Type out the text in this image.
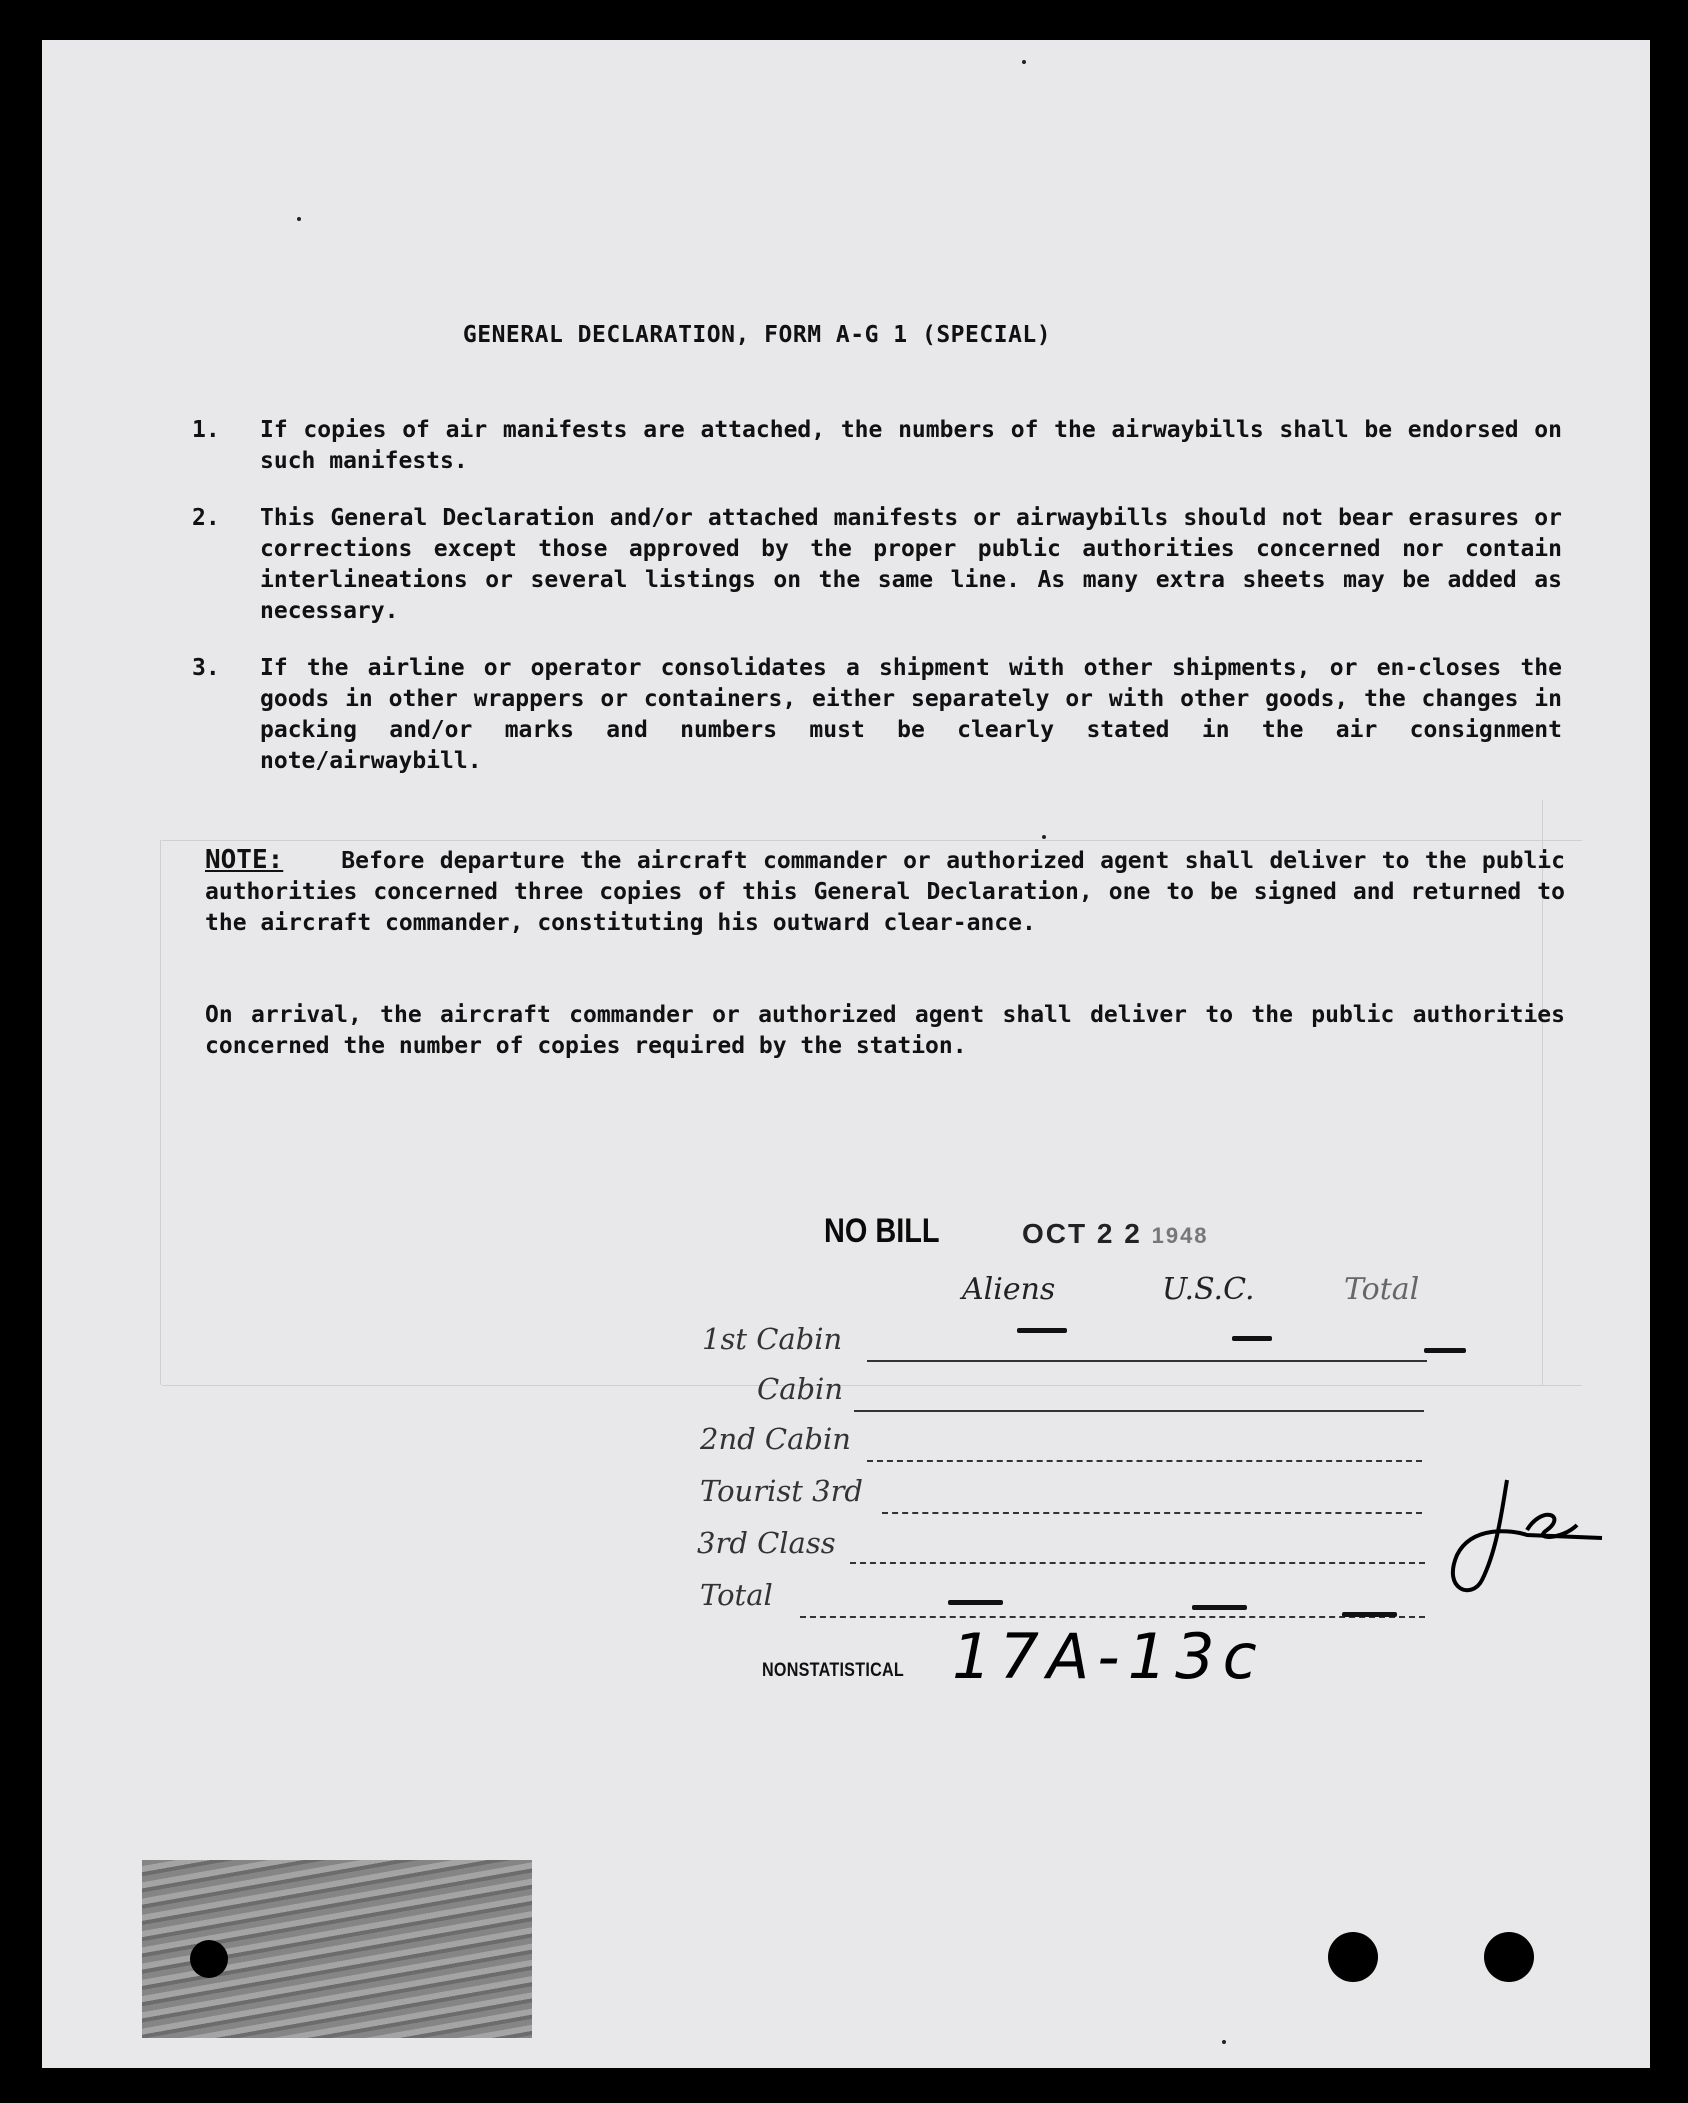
GENERAL DECLARATION, FORM A-G 1 (SPECIAL)
1.	If copies of air manifests are attached, the numbers of the airwaybills shall be endorsed on such manifests.
2.	This General Declaration and/or attached manifests or airwaybills should not bear erasures or corrections except those approved by the proper public authorities concerned nor contain interlineations or several listings on the same line. As many extra sheets may be added as necessary.
3.	If the airline or operator consolidates a shipment with other shipments, or en-closes the goods in other wrappers or containers, either separately or with other goods, the changes in packing and/or marks and numbers must be clearly stated in the air consignment note/airwaybill.
NOTE:	Before departure the aircraft commander or authorized agent shall deliver to the public authorities concerned three copies of this General Declaration, one to be signed and returned to the aircraft commander, constituting his outward clear-ance.
On arrival, the aircraft commander or authorized agent shall deliver to the public authorities concerned the number of copies required by the station.
NO BILL	OCT 2 2 1948
Aliens	U.S.C.	Total
1st Cabin
Cabin
2nd Cabin
Tourist 3rd
3rd Class
Total
NONSTATISTICAL 17A-13c
